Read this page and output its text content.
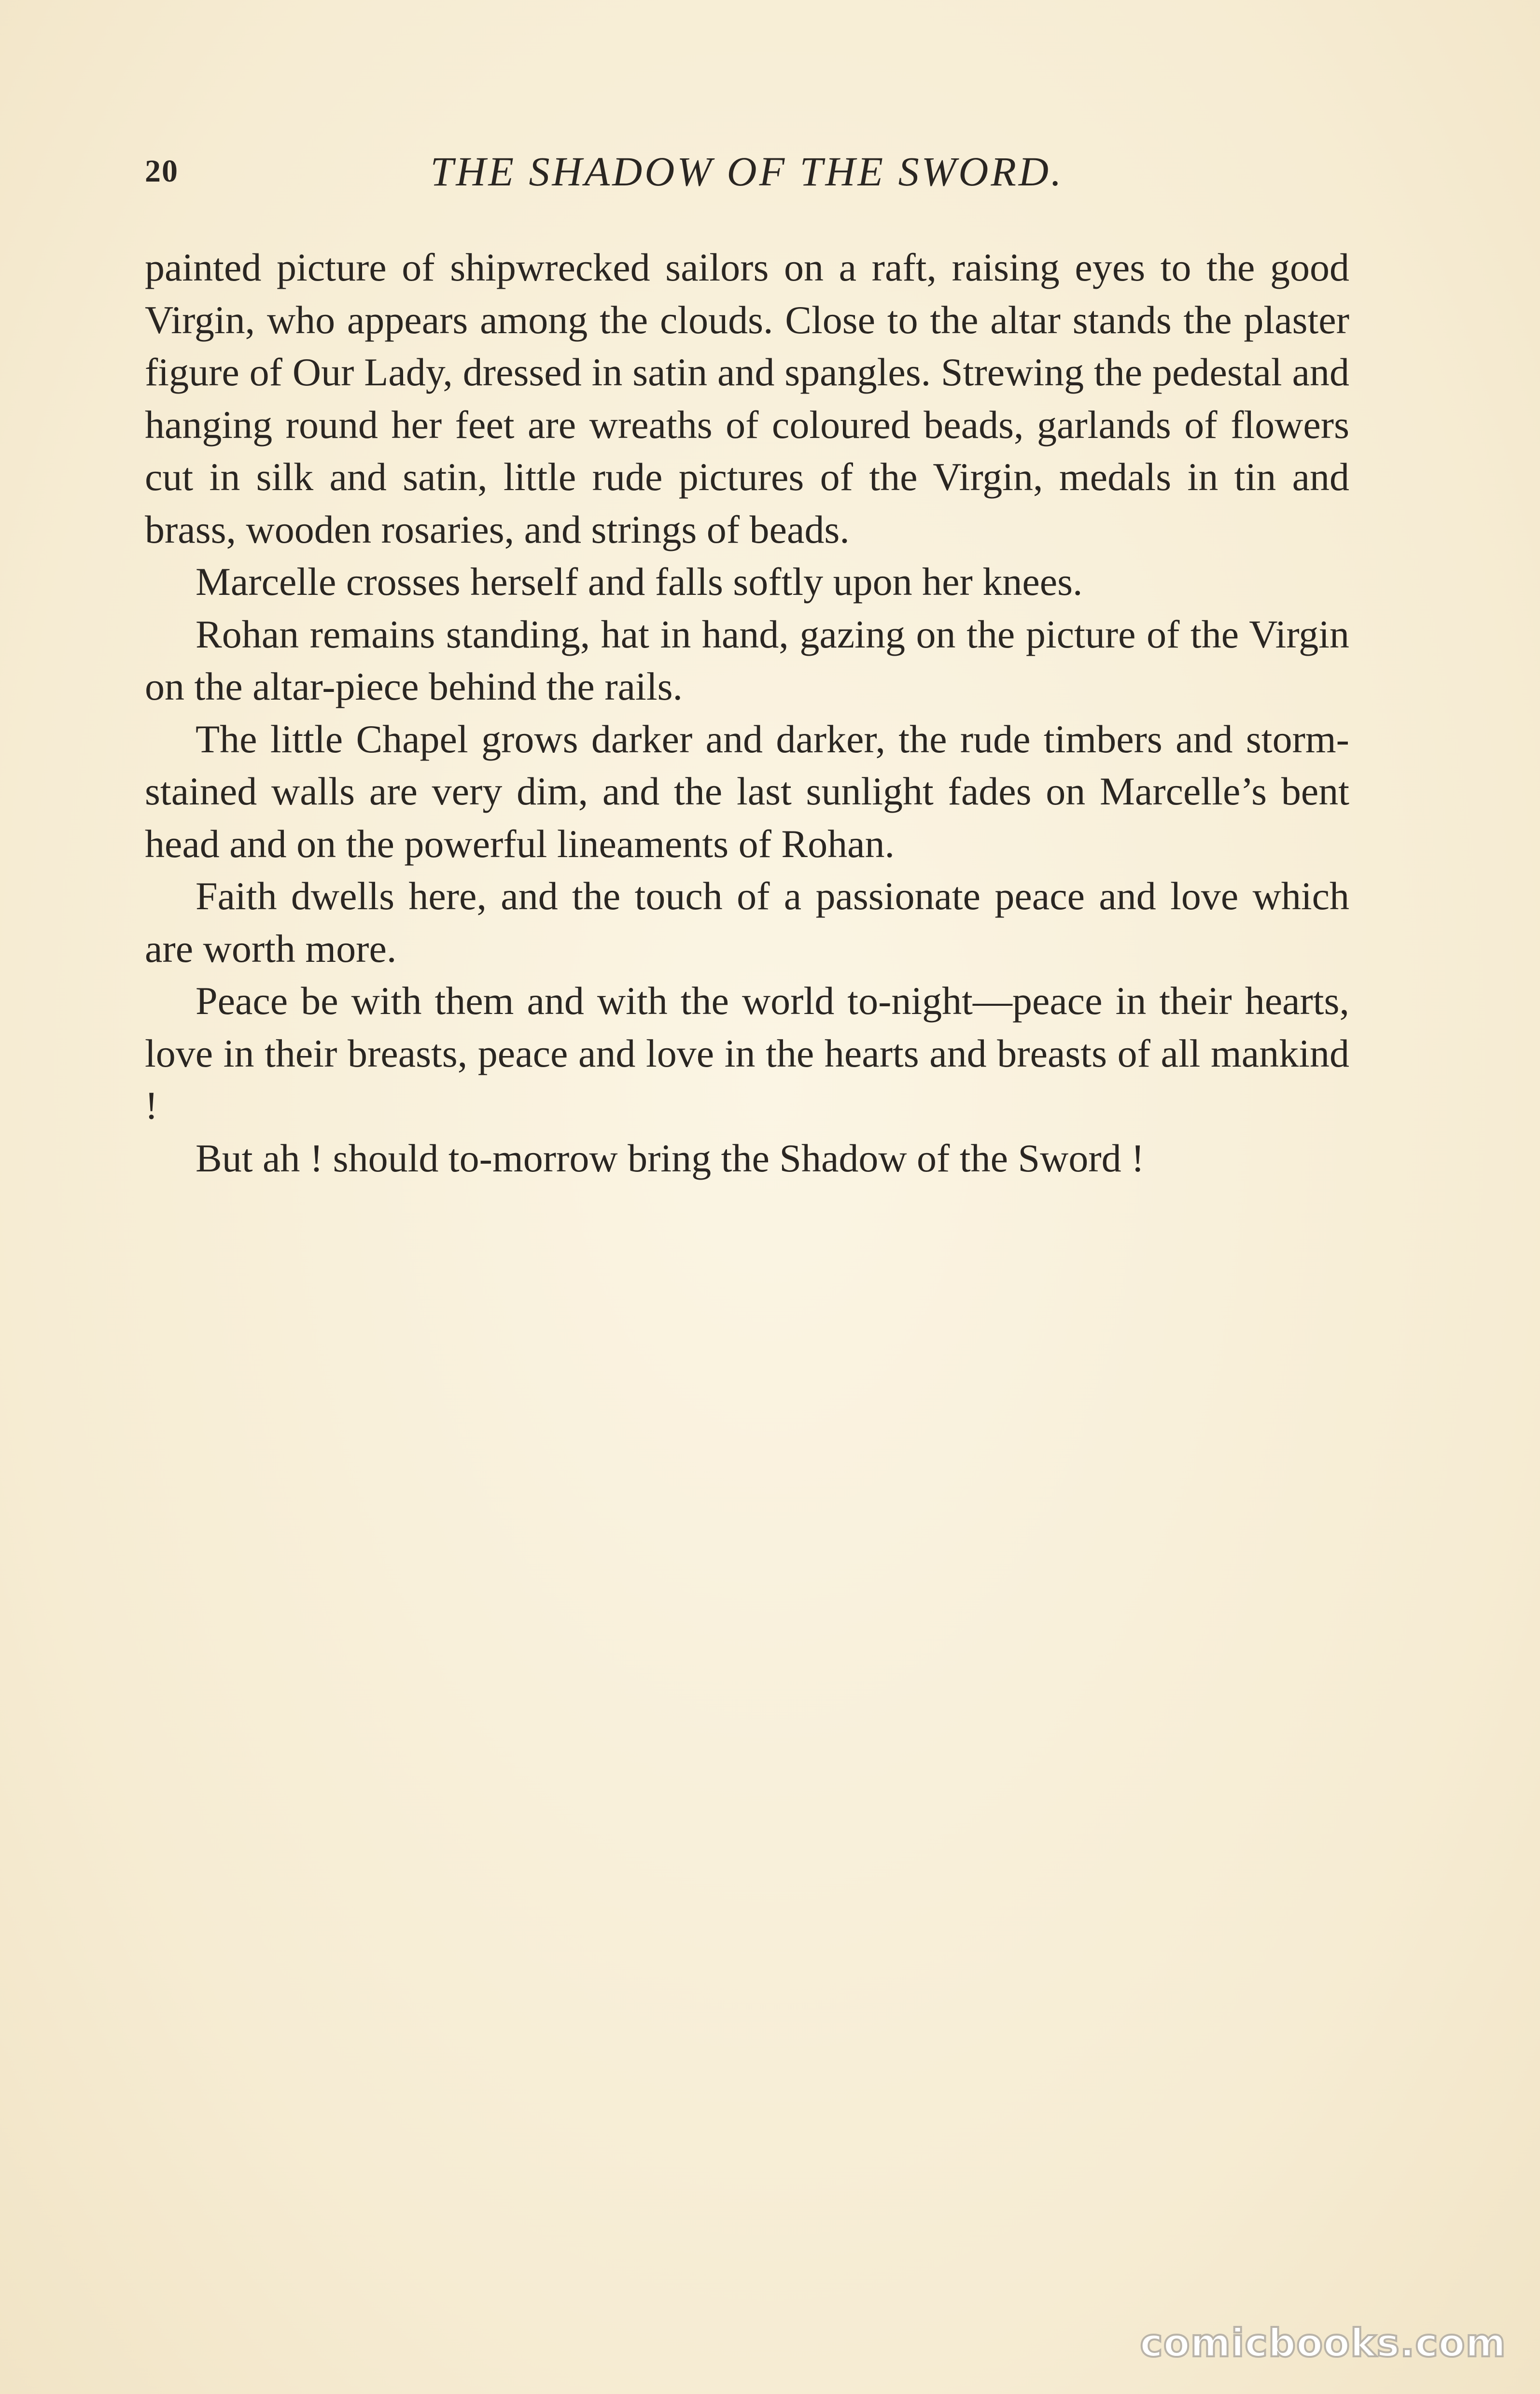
20	THE SHADOW OF THE SWORD.

painted picture of shipwrecked sailors on a raft, raising eyes to the good Virgin, who appears among the clouds. Close to the altar stands the plaster figure of Our Lady, dressed in satin and spangles. Strewing the pedestal and hanging round her feet are wreaths of coloured beads, garlands of flowers cut in silk and satin, little rude pictures of the Virgin, medals in tin and brass, wooden rosaries, and strings of beads.

Marcelle crosses herself and falls softly upon her knees.

Rohan remains standing, hat in hand, gazing on the picture of the Virgin on the altar-piece behind the rails.

The little Chapel grows darker and darker, the rude timbers and storm-stained walls are very dim, and the last sunlight fades on Marcelle’s bent head and on the powerful lineaments of Rohan.

Faith dwells here, and the touch of a passionate peace and love which are worth more.

Peace be with them and with the world to-night—peace in their hearts, love in their breasts, peace and love in the hearts and breasts of all mankind !

But ah ! should to-morrow bring the Shadow of the Sword !

comicbooks.com
